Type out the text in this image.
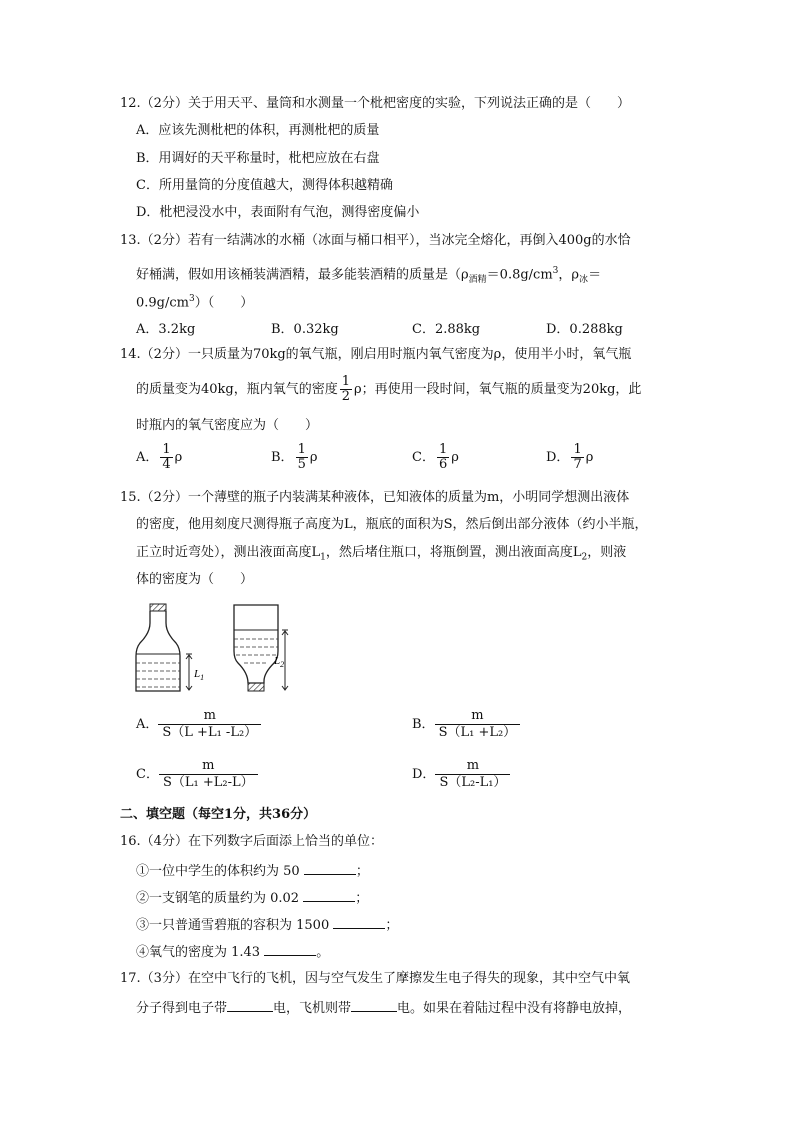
12.（2分）关于用天平、量筒和水测量一个枇杷密度的实验，下列说法正确的是（　　）
A．应该先测枇杷的体积，再测枇杷的质量
B．用调好的天平称量时，枇杷应放在右盘
C．所用量筒的分度值越大，测得体积越精确
D．枇杷浸没水中，表面附有气泡，测得密度偏小
13.（2分）若有一结满冰的水桶（冰面与桶口相平），当冰完全熔化，再倒入400g的水恰
好桶满，假如用该桶装满酒精，最多能装酒精的质量是（$\rho_{酒精}=0.8g/cm^3$，$\rho_冰=$
$0.9g/cm^3$）（　　）
A．3.2kg	B．0.32kg	C．2.88kg	D．0.288kg
14.（2分）一只质量为70kg的氧气瓶，刚启用时瓶内氧气密度为ρ，使用半小时，氧气瓶
的质量变为40kg，瓶内氧气的密度 $\frac{1}{2}$ ρ；再使用一段时间，氧气瓶的质量变为20kg，此
时瓶内的氧气密度应为（　　）
A． $\frac{1}{4}$ ρ	B． $\frac{1}{5}$ ρ	C． $\frac{1}{6}$ ρ	D． $\frac{1}{7}$ ρ
15.（2分）一个薄壁的瓶子内装满某种液体，已知液体的质量为m，小明同学想测出液体
的密度，他用刻度尺测得瓶子高度为L，瓶底的面积为S，然后倒出部分液体（约小半瓶，
正立时近弯处），测出液面高度$L_1$，然后堵住瓶口，将瓶倒置，测出液面高度$L_2$，则液
体的密度为（　　）
$L_1$
$L_2$
A． $\frac{m}{\text{S（L +L₁ -L₂）}}$	B． $\frac{m}{\text{S（L₁ +L₂）}}$
C． $\frac{m}{\text{S（L₁ +L₂-L）}}$	D． $\frac{m}{\text{S（L₂-L₁）}}$
二、填空题（每空1分，共36分）
16.（4分）在下列数字后面添上恰当的单位：
①一位中学生的体积约为 50	；
②一支钢笔的质量约为 0.02	；
③一只普通雪碧瓶的容积为 1500	；
④氧气的密度为 1.43	。
17.（3分）在空中飞行的飞机，因与空气发生了摩擦发生电子得失的现象，其中空气中氧
分子得到电子带	电，飞机则带	电。如果在着陆过程中没有将静电放掉，
